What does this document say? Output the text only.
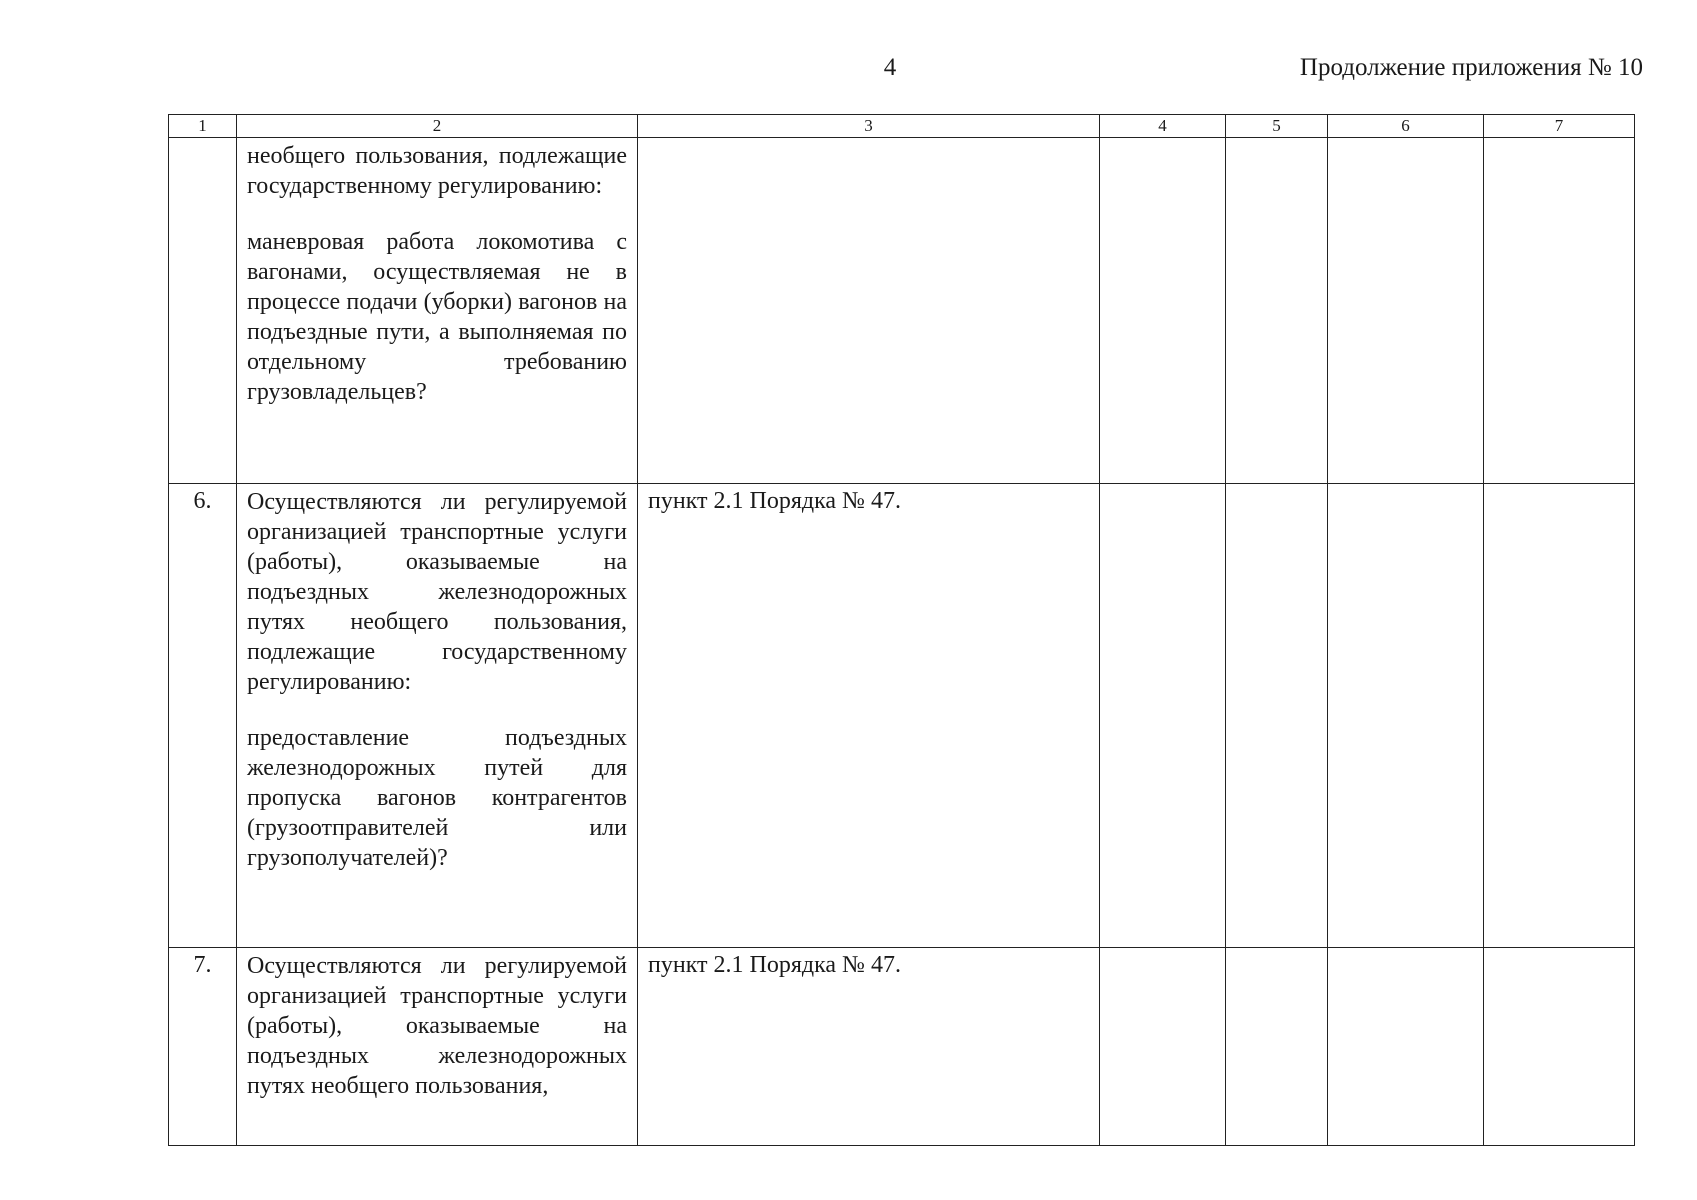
4	Продолжение приложения № 10
1	2	3	4	5	6	7

	необщего пользования, подлежащие государственному регулированию:

маневровая работа локомотива с вагонами, осуществляемая не в процессе подачи (уборки) вагонов на подъездные пути, а выполняемая по отдельному требованию грузовладельцев?					

6.	Осуществляются ли регулируемой организацией транспортные услуги (работы), оказываемые на подъездных железнодорожных путях необщего пользования, подлежащие государственному регулированию:

предоставление подъездных железнодорожных путей для пропуска вагонов контрагентов (грузоотправителей или грузополучателей)?	пункт 2.1 Порядка № 47.				
7.	Осуществляются ли регулируемой организацией транспортные услуги (работы), оказываемые на подъездных железнодорожных путях необщего пользования,	пункт 2.1 Порядка № 47.				
